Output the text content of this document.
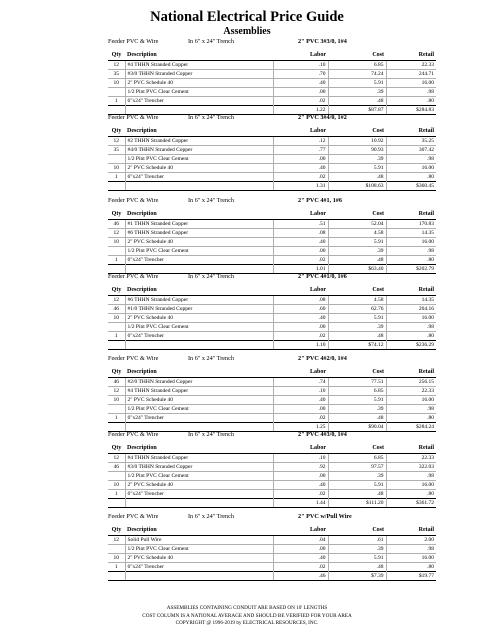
National Electrical Price Guide
Assemblies
Feeder PVC & Wire	In 6" x 24" Trench	2" PVC 3#3/0, 1#4
Qty	Description	Labor	Cost	Retail	
12	#4 THHN Stranded Copper	.10	6.85	22.33	
35	#3/0 THHN Stranded Copper	.70	74.24	244.71	
10	2" PVC Schedule 40	.40	5.91	16.00	
	1/2 Pint PVC Clear Cement	.00	.39	.98	
1	6"x24" Trencher	.02	.48	.80	
		1.22	$87.87	$284.83	
Feeder PVC & Wire	In 6" x 24" Trench	2" PVC 3#4/0, 1#2
Qty	Description	Labor	Cost	Retail	
12	#2 THHN Stranded Copper	.12	10.92	35.25	
35	#4/0 THHN Stranded Copper	.77	90.93	307.42	
	1/2 Pint PVC Clear Cement	.00	.39	.98	
10	2" PVC Schedule 40	.40	5.91	16.00	
1	6"x24" Trencher	.02	.48	.80	
		1.31	$108.63	$360.45	
Feeder PVC & Wire	In 6" x 24" Trench	2" PVC 4#1, 1#6
Qty	Description	Labor	Cost	Retail	
46	#1 THHN Stranded Copper	.51	52.04	170.83	
12	#6 THHN Stranded Copper	.08	4.58	14.35	
10	2" PVC Schedule 40	.40	5.91	16.00	
	1/2 Pint PVC Clear Cement	.00	.39	.98	
1	6"x24" Trencher	.02	.48	.80	
		1.01	$63.40	$202.79	
Feeder PVC & Wire	In 6" x 24" Trench	2" PVC 4#1/0, 1#6
Qty	Description	Labor	Cost	Retail	
12	#6 THHN Stranded Copper	.08	4.58	14.35	
46	#1/0 THHN Stranded Copper	.60	62.76	204.16	
10	2" PVC Schedule 40	.40	5.91	16.00	
	1/2 Pint PVC Clear Cement	.00	.39	.98	
1	6"x24" Trencher	.02	.48	.80	
		1.10	$74.12	$236.29	
Feeder PVC & Wire	In 6" x 24" Trench	2" PVC 4#2/0, 1#4
Qty	Description	Labor	Cost	Retail	
46	#2/0 THHN Stranded Copper	.74	77.51	256.15	
12	#4 THHN Stranded Copper	.10	6.85	22.33	
10	2" PVC Schedule 40	.40	5.91	16.00	
	1/2 Pint PVC Clear Cement	.00	.39	.98	
1	6"x24" Trencher	.02	.48	.80	
		1.25	$90.04	$284.24	
Feeder PVC & Wire	In 6" x 24" Trench	2" PVC 4#3/0, 1#4
Qty	Description	Labor	Cost	Retail	
12	#4 THHN Stranded Copper	.10	6.85	22.33	
46	#3/0 THHN Stranded Copper	.92	97.57	322.03	
	1/2 Pint PVC Clear Cement	.00	.39	.98	
10	2" PVC Schedule 40	.40	5.91	16.00	
1	6"x24" Trencher	.02	.48	.80	
		1.44	$111.20	$361.72	
Feeder PVC & Wire	In 6" x 24" Trench	2" PVC w/Pull Wire
Qty	Description	Labor	Cost	Retail	
12	Solid Pull Wire	.04	.61	2.00	
	1/2 Pint PVC Clear Cement	.00	.39	.98	
10	2" PVC Schedule 40	.40	5.91	16.00	
1	6"x24" Trencher	.02	.48	.80	
		.46	$7.39	$19.77	
ASSEMBLIES CONTAINING CONDUIT ARE BASED ON 10' LENGTHS
COST COLUMN IS A NATIONAL AVERAGE AND SHOULD BE VERIFIED FOR YOUR AREA
COPYRIGHT @ 1996-2019 by ELECTRICAL RESOURCES, INC.
